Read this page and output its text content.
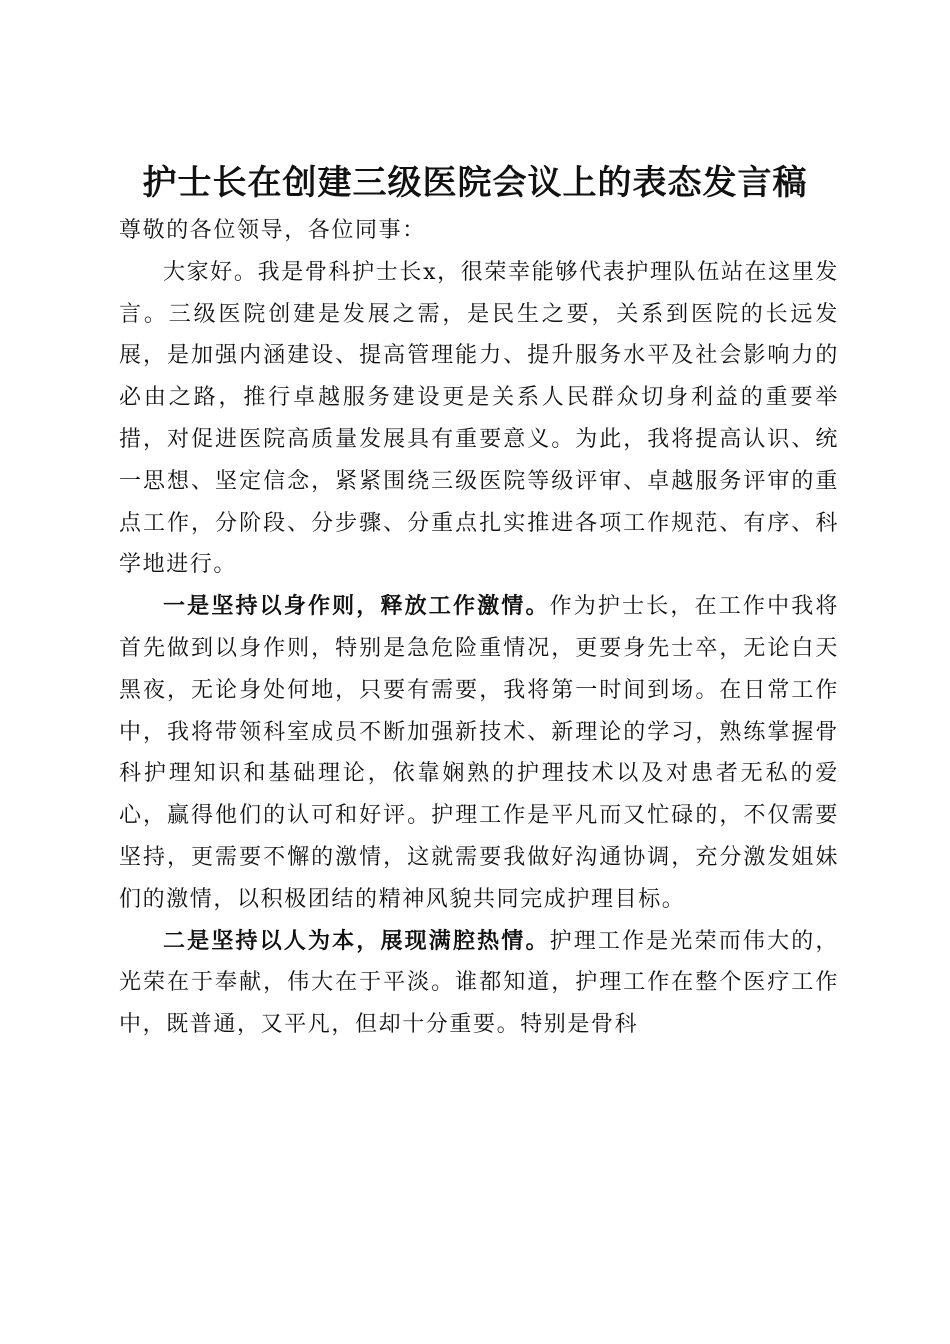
护士长在创建三级医院会议上的表态发言稿

尊敬的各位领导，各位同事：

大家好。我是骨科护士长x，很荣幸能够代表护理队伍站在这里发言。三级医院创建是发展之需，是民生之要，关系到医院的长远发展，是加强内涵建设、提高管理能力、提升服务水平及社会影响力的必由之路，推行卓越服务建设更是关系人民群众切身利益的重要举措，对促进医院高质量发展具有重要意义。为此，我将提高认识、统一思想、坚定信念，紧紧围绕三级医院等级评审、卓越服务评审的重点工作，分阶段、分步骤、分重点扎实推进各项工作规范、有序、科学地进行。

一是坚持以身作则，释放工作激情。作为护士长，在工作中我将首先做到以身作则，特别是急危险重情况，更要身先士卒，无论白天黑夜，无论身处何地，只要有需要，我将第一时间到场。在日常工作中，我将带领科室成员不断加强新技术、新理论的学习，熟练掌握骨科护理知识和基础理论，依靠娴熟的护理技术以及对患者无私的爱心，赢得他们的认可和好评。护理工作是平凡而又忙碌的，不仅需要坚持，更需要不懈的激情，这就需要我做好沟通协调，充分激发姐妹们的激情，以积极团结的精神风貌共同完成护理目标。

二是坚持以人为本，展现满腔热情。护理工作是光荣而伟大的，光荣在于奉献，伟大在于平淡。谁都知道，护理工作在整个医疗工作中，既普通，又平凡，但却十分重要。特别是骨科
